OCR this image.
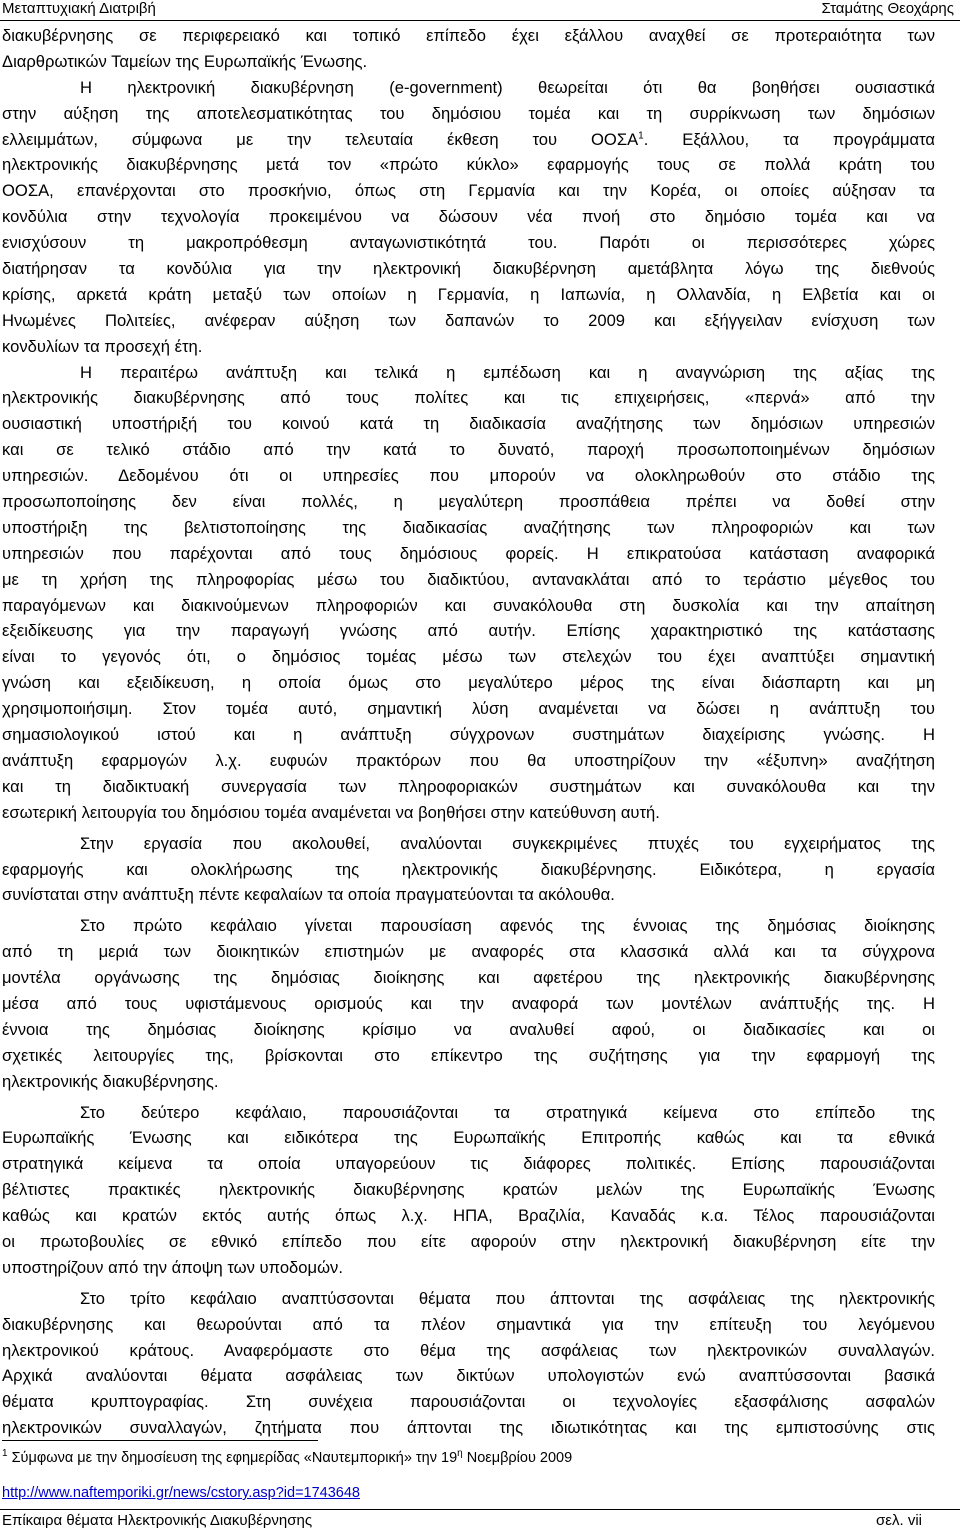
Μεταπτυχιακή Διατριβή	Σταμάτης Θεοχάρης
διακυβέρνησης σε περιφερειακό και τοπικό επίπεδο έχει εξάλλου αναχθεί σε προτεραιότητα των
Διαρθρωτικών Ταμείων της Ευρωπαϊκής Ένωσης.
Η ηλεκτρονική διακυβέρνηση (e-government) θεωρείται ότι θα βοηθήσει ουσιαστικά
στην αύξηση της αποτελεσματικότητας του δημόσιου τομέα και τη συρρίκνωση των δημόσιων
ελλειμμάτων, σύμφωνα με την τελευταία έκθεση του ΟΟΣΑ$^1$. Εξάλλου, τα προγράμματα
ηλεκτρονικής διακυβέρνησης μετά τον «πρώτο κύκλο» εφαρμογής τους σε πολλά κράτη του
ΟΟΣΑ, επανέρχονται στο προσκήνιο, όπως στη Γερμανία και την Κορέα, οι οποίες αύξησαν τα
κονδύλια στην τεχνολογία προκειμένου να δώσουν νέα πνοή στο δημόσιο τομέα και να
ενισχύσουν τη μακροπρόθεσμη ανταγωνιστικότητά του. Παρότι οι περισσότερες χώρες
διατήρησαν τα κονδύλια για την ηλεκτρονική διακυβέρνηση αμετάβλητα λόγω της διεθνούς
κρίσης, αρκετά κράτη μεταξύ των οποίων η Γερμανία, η Ιαπωνία, η Ολλανδία, η Ελβετία και οι
Ηνωμένες Πολιτείες, ανέφεραν αύξηση των δαπανών το 2009 και εξήγγειλαν ενίσχυση των
κονδυλίων τα προσεχή έτη.
Η περαιτέρω ανάπτυξη και τελικά η εμπέδωση και η αναγνώριση της αξίας της
ηλεκτρονικής διακυβέρνησης από τους πολίτες και τις επιχειρήσεις, «περνά» από την
ουσιαστική υποστήριξή του κοινού κατά τη διαδικασία αναζήτησης των δημόσιων υπηρεσιών
και σε τελικό στάδιο από την κατά το δυνατό, παροχή προσωποποιημένων δημόσιων
υπηρεσιών. Δεδομένου ότι οι υπηρεσίες που μπορούν να ολοκληρωθούν στο στάδιο της
προσωποποίησης δεν είναι πολλές, η μεγαλύτερη προσπάθεια πρέπει να δοθεί στην
υποστήριξη της βελτιστοποίησης της διαδικασίας αναζήτησης των πληροφοριών και των
υπηρεσιών που παρέχονται από τους δημόσιους φορείς. Η επικρατούσα κατάσταση αναφορικά
με τη χρήση της πληροφορίας μέσω του διαδικτύου, αντανακλάται από το τεράστιο μέγεθος του
παραγόμενων και διακινούμενων πληροφοριών και συνακόλουθα στη δυσκολία και την απαίτηση
εξειδίκευσης για την παραγωγή γνώσης από αυτήν. Επίσης χαρακτηριστικό της κατάστασης
είναι το γεγονός ότι, ο δημόσιος τομέας μέσω των στελεχών του έχει αναπτύξει σημαντική
γνώση και εξειδίκευση, η οποία όμως στο μεγαλύτερο μέρος της είναι διάσπαρτη και μη
χρησιμοποιήσιμη. Στον τομέα αυτό, σημαντική λύση αναμένεται να δώσει η ανάπτυξη του
σημασιολογικού ιστού και η ανάπτυξη σύγχρονων συστημάτων διαχείρισης γνώσης. Η
ανάπτυξη εφαρμογών λ.χ. ευφυών πρακτόρων που θα υποστηρίζουν την «έξυπνη» αναζήτηση
και τη διαδικτυακή συνεργασία των πληροφοριακών συστημάτων και συνακόλουθα και την
εσωτερική λειτουργία του δημόσιου τομέα αναμένεται να βοηθήσει στην κατεύθυνση αυτή.
Στην εργασία που ακολουθεί, αναλύονται συγκεκριμένες πτυχές του εγχειρήματος της
εφαρμογής και ολοκλήρωσης της ηλεκτρονικής διακυβέρνησης. Ειδικότερα, η εργασία
συνίσταται στην ανάπτυξη πέντε κεφαλαίων τα οποία πραγματεύονται τα ακόλουθα.
Στο πρώτο κεφάλαιο γίνεται παρουσίαση αφενός της έννοιας της δημόσιας διοίκησης
από τη μεριά των διοικητικών επιστημών με αναφορές στα κλασσικά αλλά και τα σύγχρονα
μοντέλα οργάνωσης της δημόσιας διοίκησης και αφετέρου της ηλεκτρονικής διακυβέρνησης
μέσα από τους υφιστάμενους ορισμούς και την αναφορά των μοντέλων ανάπτυξής της. Η
έννοια της δημόσιας διοίκησης κρίσιμο να αναλυθεί αφού, οι διαδικασίες και οι
σχετικές λειτουργίες της, βρίσκονται στο επίκεντρο της συζήτησης για την εφαρμογή της
ηλεκτρονικής διακυβέρνησης.
Στο δεύτερο κεφάλαιο, παρουσιάζονται τα στρατηγικά κείμενα στο επίπεδο της
Ευρωπαϊκής Ένωσης και ειδικότερα της Ευρωπαϊκής Επιτροπής καθώς και τα εθνικά
στρατηγικά κείμενα τα οποία υπαγορεύουν τις διάφορες πολιτικές. Επίσης παρουσιάζονται
βέλτιστες πρακτικές ηλεκτρονικής διακυβέρνησης κρατών μελών της Ευρωπαϊκής Ένωσης
καθώς και κρατών εκτός αυτής όπως λ.χ. ΗΠΑ, Βραζιλία, Καναδάς κ.α. Τέλος παρουσιάζονται
οι πρωτοβουλίες σε εθνικό επίπεδο που είτε αφορούν στην ηλεκτρονική διακυβέρνηση είτε την
υποστηρίζουν από την άποψη των υποδομών.
Στο τρίτο κεφάλαιο αναπτύσσονται θέματα που άπτονται της ασφάλειας της ηλεκτρονικής
διακυβέρνησης και θεωρούνται από τα πλέον σημαντικά για την επίτευξη του λεγόμενου
ηλεκτρονικού κράτους. Αναφερόμαστε στο θέμα της ασφάλειας των ηλεκτρονικών συναλλαγών.
Αρχικά αναλύονται θέματα ασφάλειας των δικτύων υπολογιστών ενώ αναπτύσσονται βασικά
θέματα κρυπτογραφίας. Στη συνέχεια παρουσιάζονται οι τεχνολογίες εξασφάλισης ασφαλών
ηλεκτρονικών συναλλαγών, ζητήματα που άπτονται της ιδιωτικότητας και της εμπιστοσύνης στις
$^1$ Σύμφωνα με την δημοσίευση της εφημερίδας «Ναυτεμπορική» την $19^\eta$ Νοεμβρίου 2009
http://www.naftemporiki.gr/news/cstory.asp?id=1743648
Επίκαιρα θέματα Ηλεκτρονικής Διακυβέρνησης	σελ. vii
